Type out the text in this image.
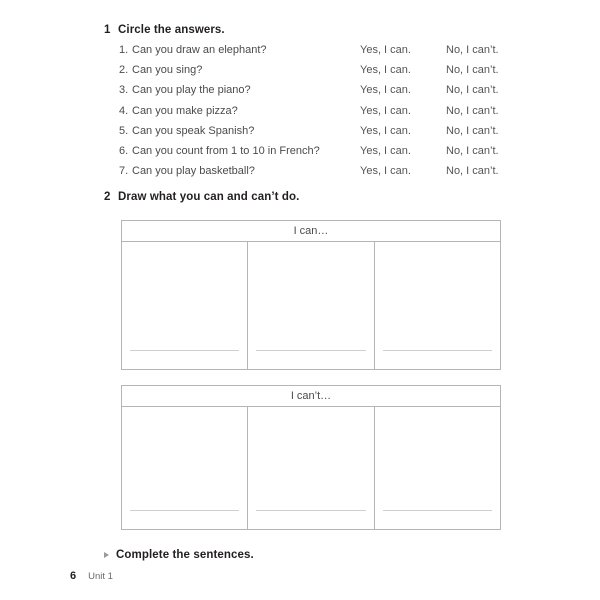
1 Circle the answers.
1. Can you draw an elephant?	Yes, I can.	No, I can’t.
2. Can you sing?	Yes, I can.	No, I can’t.
3. Can you play the piano?	Yes, I can.	No, I can’t.
4. Can you make pizza?	Yes, I can.	No, I can’t.
5. Can you speak Spanish?	Yes, I can.	No, I can’t.
6. Can you count from 1 to 10 in French?	Yes, I can.	No, I can’t.
7. Can you play basketball?	Yes, I can.	No, I can’t.
2 Draw what you can and can’t do.
I can…
I can’t…
Complete the sentences.
6 Unit 1
